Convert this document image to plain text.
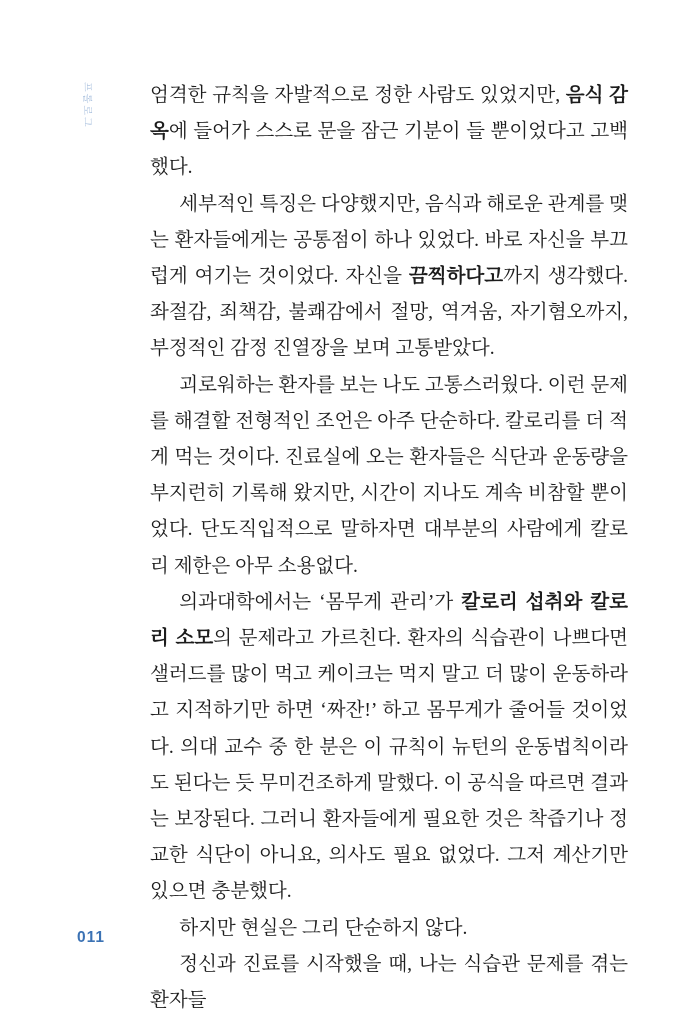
프롤로그	엄격한 규칙을 자발적으로 정한 사람도 있었지만, 음식 감옥에 들어가 스스로 문을 잠근 기분이 들 뿐이었다고 고백했다.

세부적인 특징은 다양했지만, 음식과 해로운 관계를 맺는 환자들에게는 공통점이 하나 있었다. 바로 자신을 부끄럽게 여기는 것이었다. 자신을 끔찍하다고까지 생각했다. 좌절감, 죄책감, 불쾌감에서 절망, 역겨움, 자기혐오까지, 부정적인 감정 진열장을 보며 고통받았다.

괴로워하는 환자를 보는 나도 고통스러웠다. 이런 문제를 해결할 전형적인 조언은 아주 단순하다. 칼로리를 더 적게 먹는 것이다. 진료실에 오는 환자들은 식단과 운동량을 부지런히 기록해 왔지만, 시간이 지나도 계속 비참할 뿐이었다. 단도직입적으로 말하자면 대부분의 사람에게 칼로리 제한은 아무 소용없다.

의과대학에서는 ‘몸무게 관리’가 칼로리 섭취와 칼로리 소모의 문제라고 가르친다. 환자의 식습관이 나쁘다면 샐러드를 많이 먹고 케이크는 먹지 말고 더 많이 운동하라고 지적하기만 하면 ‘짜잔!’ 하고 몸무게가 줄어들 것이었다. 의대 교수 중 한 분은 이 규칙이 뉴턴의 운동법칙이라도 된다는 듯 무미건조하게 말했다. 이 공식을 따르면 결과는 보장된다. 그러니 환자들에게 필요한 것은 착즙기나 정교한 식단이 아니요, 의사도 필요 없었다. 그저 계산기만 있으면 충분했다.

하지만 현실은 그리 단순하지 않다.

정신과 진료를 시작했을 때, 나는 식습관 문제를 겪는 환자들

011
